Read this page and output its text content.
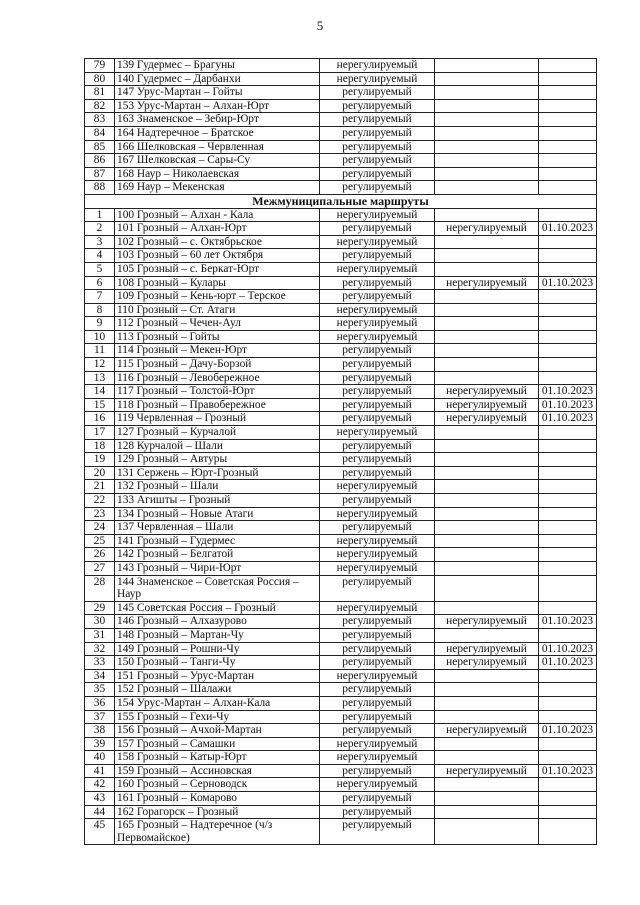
5
79	139 Гудермес – Брагуны	нерегулируемый		
80	140 Гудермес – Дарбанхи	нерегулируемый		
81	147 Урус-Мартан – Гойты	регулируемый		
82	153 Урус-Мартан – Алхан-Юрт	регулируемый		
83	163 Знаменское – Зебир-Юрт	регулируемый		
84	164 Надтеречное – Братское	регулируемый		
85	166 Шелковская – Червленная	регулируемый		
86	167 Шелковская – Сары-Су	регулируемый		
87	168 Наур – Николаевская	регулируемый		
88	169 Наур – Мекенская	регулируемый		
Межмуниципальные маршруты				
1	100 Грозный – Алхан - Кала	нерегулируемый		
2	101 Грозный – Алхан-Юрт	регулируемый	нерегулируемый	01.10.2023
3	102 Грозный – с. Октябрьское	нерегулируемый		
4	103 Грозный – 60 лет Октября	регулируемый		
5	105 Грозный – с. Беркат-Юрт	нерегулируемый		
6	108 Грозный – Кулары	регулируемый	нерегулируемый	01.10.2023
7	109 Грозный – Кень-юрт – Терское	регулируемый		
8	110 Грозный – Ст. Атаги	нерегулируемый		
9	112 Грозный – Чечен-Аул	нерегулируемый		
10	113 Грозный – Гойты	нерегулируемый		
11	114 Грозный – Мекен-Юрт	регулируемый		
12	115 Грозный – Дачу-Борзой	регулируемый		
13	116 Грозный – Левобережное	регулируемый		
14	117 Грозный – Толстой-Юрт	регулируемый	нерегулируемый	01.10.2023
15	118 Грозный – Правобережное	регулируемый	нерегулируемый	01.10.2023
16	119 Червленная – Грозный	регулируемый	нерегулируемый	01.10.2023
17	127 Грозный – Курчалой	нерегулируемый		
18	128 Курчалой – Шали	регулируемый		
19	129 Грозный – Автуры	регулируемый		
20	131 Сержень – Юрт-Грозный	регулируемый		
21	132 Грозный – Шали	нерегулируемый		
22	133 Агишты – Грозный	регулируемый		
23	134 Грозный – Новые Атаги	нерегулируемый		
24	137 Червленная – Шали	регулируемый		
25	141 Грозный – Гудермес	нерегулируемый		
26	142 Грозный – Белгатой	нерегулируемый		
27	143 Грозный – Чири-Юрт	нерегулируемый		
28	144 Знаменское – Советская Россия – Наур	регулируемый		
29	145 Советская Россия – Грозный	нерегулируемый		
30	146 Грозный – Алхазурово	регулируемый	нерегулируемый	01.10.2023
31	148 Грозный – Мартан-Чу	регулируемый		
32	149 Грозный – Рошни-Чу	регулируемый	нерегулируемый	01.10.2023
33	150 Грозный – Танги-Чу	регулируемый	нерегулируемый	01.10.2023
34	151 Грозный – Урус-Мартан	нерегулируемый		
35	152 Грозный – Шалажи	регулируемый		
36	154 Урус-Мартан – Алхан-Кала	регулируемый		
37	155 Грозный – Гехи-Чу	регулируемый		
38	156 Грозный – Ачхой-Мартан	регулируемый	нерегулируемый	01.10.2023
39	157 Грозный – Самашки	нерегулируемый		
40	158 Грозный – Катыр-Юрт	нерегулируемый		
41	159 Грозный – Ассиновская	регулируемый	нерегулируемый	01.10.2023
42	160 Грозный – Серноводск	нерегулируемый		
43	161 Грозный – Комарово	регулируемый		
44	162 Горагорск – Грозный	регулируемый		
45	165 Грозный – Надтеречное (ч/з Первомайское)	регулируемый		
